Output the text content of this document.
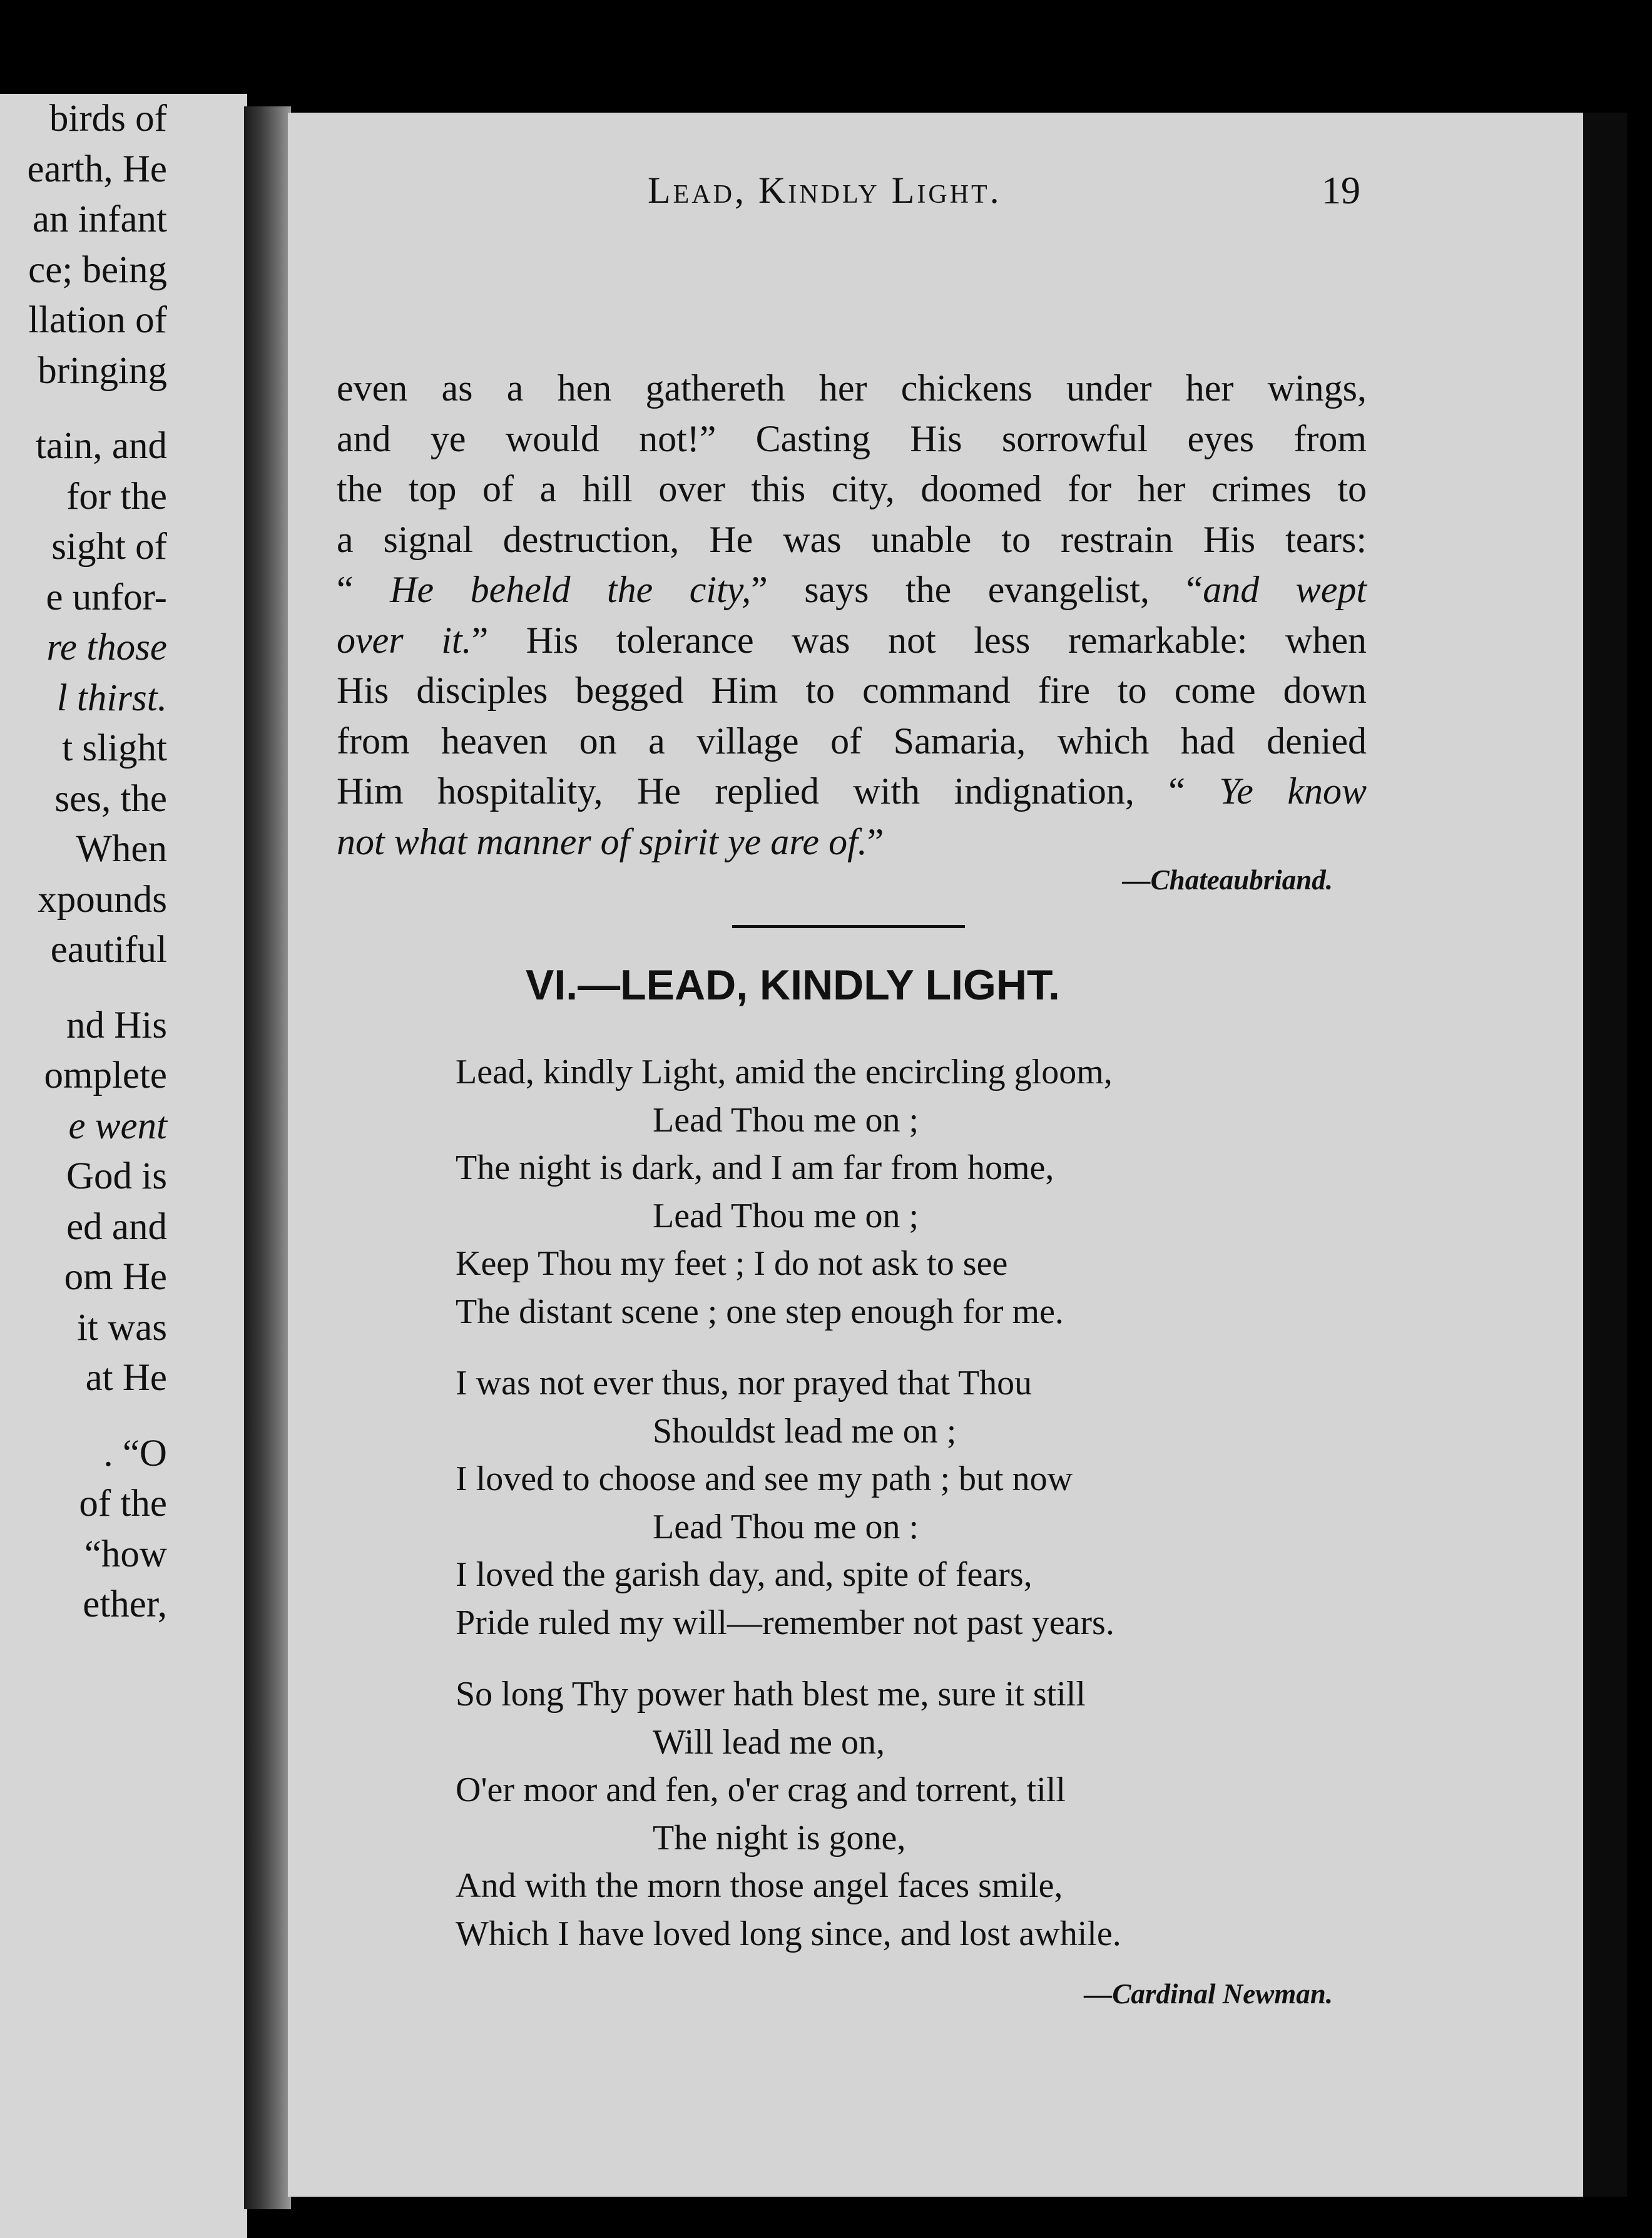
birds of
earth, He
an infant
ce; being
llation of
bringing

tain, and
for the
sight of
e unfor-
re those
l thirst.
t slight
ses, the
When
xpounds
eautiful

nd His
omplete
e went
God is
ed and
om He
it was
at He

. “O
of the
“how
ether,
Lead, Kindly Light.	19
even as a hen gathereth her chickens under her wings,
and ye would not!” Casting His sorrowful eyes from
the top of a hill over this city, doomed for her crimes to
a signal destruction, He was unable to restrain His tears:
“ He beheld the city,” says the evangelist, “and wept
over it.” His tolerance was not less remarkable: when
His disciples begged Him to command fire to come down
from heaven on a village of Samaria, which had denied
Him hospitality, He replied with indignation, “ Ye know
not what manner of spirit ye are of.”
—Chateaubriand.
VI.—LEAD, KINDLY LIGHT.
Lead, kindly Light, amid the encircling gloom,
Lead Thou me on ;
The night is dark, and I am far from home,
Lead Thou me on ;
Keep Thou my feet ; I do not ask to see
The distant scene ; one step enough for me.
I was not ever thus, nor prayed that Thou
Shouldst lead me on ;
I loved to choose and see my path ; but now
Lead Thou me on :
I loved the garish day, and, spite of fears,
Pride ruled my will—remember not past years.
So long Thy power hath blest me, sure it still
Will lead me on,
O'er moor and fen, o'er crag and torrent, till
The night is gone,
And with the morn those angel faces smile,
Which I have loved long since, and lost awhile.
—Cardinal Newman.
